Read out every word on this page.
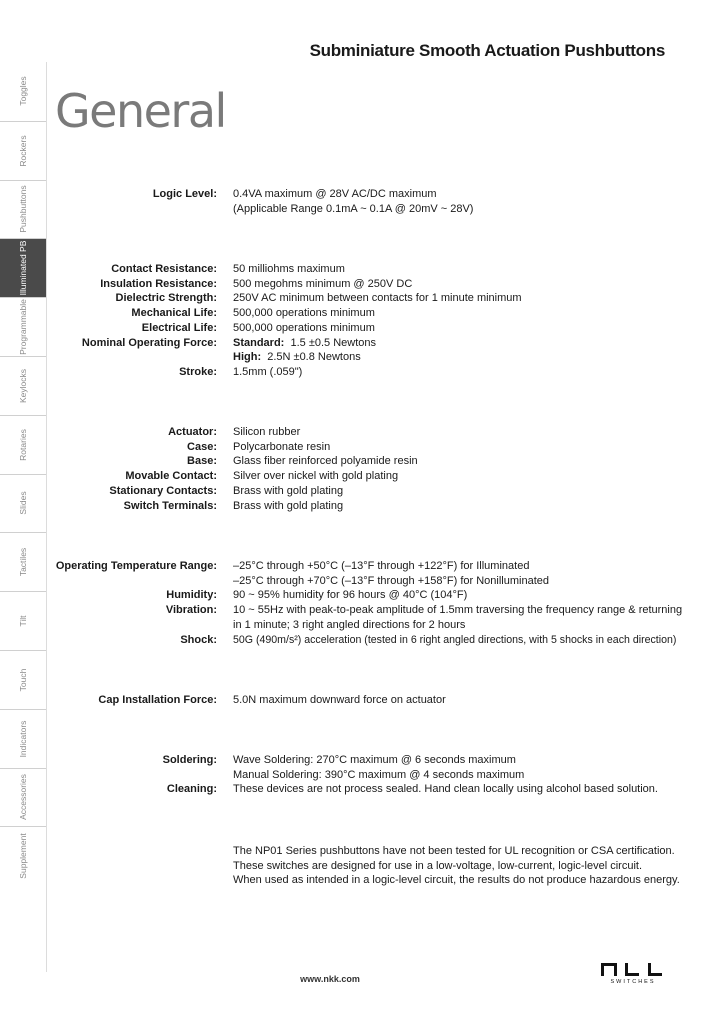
Subminiature Smooth Actuation Pushbuttons
General
Toggles
Rockers
Pushbuttons
Illuminated PB
Programmable
Keylocks
Rotaries
Slides
Tactiles
Tilt
Touch
Indicators
Accessories
Supplement
Logic Level: 0.4VA maximum @ 28V AC/DC maximum
(Applicable Range 0.1mA ~ 0.1A @ 20mV ~ 28V)
Contact Resistance: 50 milliohms maximum
Insulation Resistance: 500 megohms minimum @ 250V DC
Dielectric Strength: 250V AC minimum between contacts for 1 minute minimum
Mechanical Life: 500,000 operations minimum
Electrical Life: 500,000 operations minimum
Nominal Operating Force: Standard: 1.5 ±0.5 Newtons
High: 2.5N ±0.8 Newtons
Stroke: 1.5mm (.059")
Actuator: Silicon rubber
Case: Polycarbonate resin
Base: Glass fiber reinforced polyamide resin
Movable Contact: Silver over nickel with gold plating
Stationary Contacts: Brass with gold plating
Switch Terminals: Brass with gold plating
Operating Temperature Range: –25°C through +50°C (–13°F through +122°F) for Illuminated
–25°C through +70°C (–13°F through +158°F) for Nonilluminated
Humidity: 90 ~ 95% humidity for 96 hours @ 40°C (104°F)
Vibration: 10 ~ 55Hz with peak-to-peak amplitude of 1.5mm traversing the frequency range & returning
in 1 minute; 3 right angled directions for 2 hours
Shock: 50G (490m/s²) acceleration (tested in 6 right angled directions, with 5 shocks in each direction)
Cap Installation Force: 5.0N maximum downward force on actuator
Soldering: Wave Soldering: 270°C maximum @ 6 seconds maximum
Manual Soldering: 390°C maximum @ 4 seconds maximum
Cleaning: These devices are not process sealed. Hand clean locally using alcohol based solution.
The NP01 Series pushbuttons have not been tested for UL recognition or CSA certification.
These switches are designed for use in a low-voltage, low-current, logic-level circuit.
When used as intended in a logic-level circuit, the results do not produce hazardous energy.
www.nkk.com	SWITCHES
